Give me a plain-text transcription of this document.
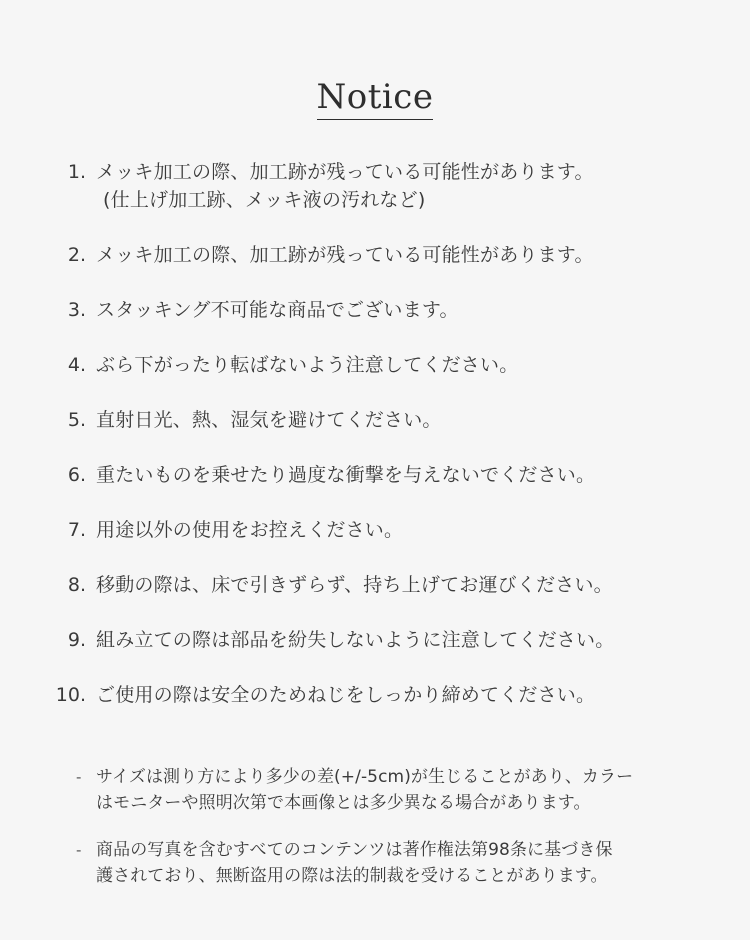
Notice
1. メッキ加工の際、加工跡が残っている可能性があります。
(仕上げ加工跡、メッキ液の汚れなど)
2. メッキ加工の際、加工跡が残っている可能性があります。
3. スタッキング不可能な商品でございます。
4. ぶら下がったり転ばないよう注意してください。
5. 直射日光、熱、湿気を避けてください。
6. 重たいものを乗せたり過度な衝撃を与えないでください。
7. 用途以外の使用をお控えください。
8. 移動の際は、床で引きずらず、持ち上げてお運びください。
9. 組み立ての際は部品を紛失しないように注意してください。
10. ご使用の際は安全のためねじをしっかり締めてください。
- サイズは測り方により多少の差(+/-5cm)が生じることがあり、カラー
はモニターや照明次第で本画像とは多少異なる場合があります。
- 商品の写真を含むすべてのコンテンツは著作権法第98条に基づき保
護されており、無断盗用の際は法的制裁を受けることがあります。
